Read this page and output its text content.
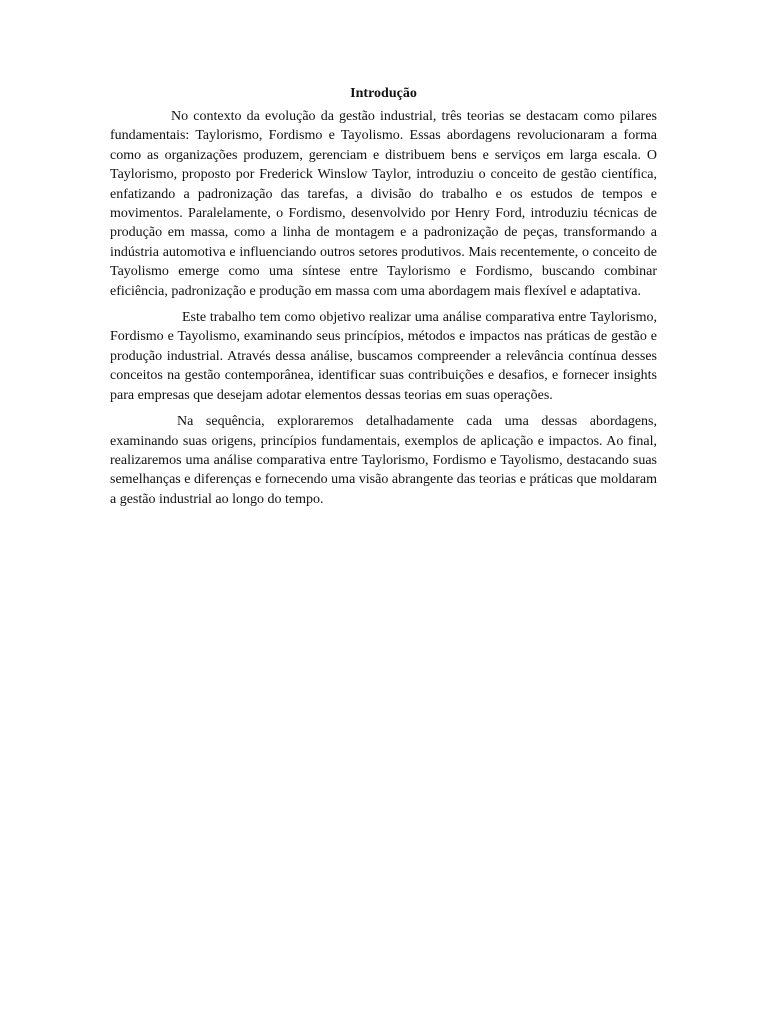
Introdução

No contexto da evolução da gestão industrial, três teorias se destacam como pilares fundamentais: Taylorismo, Fordismo e Tayolismo. Essas abordagens revolucionaram a forma como as organizações produzem, gerenciam e distribuem bens e serviços em larga escala. O Taylorismo, proposto por Frederick Winslow Taylor, introduziu o conceito de gestão científica, enfatizando a padronização das tarefas, a divisão do trabalho e os estudos de tempos e movimentos. Paralelamente, o Fordismo, desenvolvido por Henry Ford, introduziu técnicas de produção em massa, como a linha de montagem e a padronização de peças, transformando a indústria automotiva e influenciando outros setores produtivos. Mais recentemente, o conceito de Tayolismo emerge como uma síntese entre Taylorismo e Fordismo, buscando combinar eficiência, padronização e produção em massa com uma abordagem mais flexível e adaptativa.

Este trabalho tem como objetivo realizar uma análise comparativa entre Taylorismo, Fordismo e Tayolismo, examinando seus princípios, métodos e impactos nas práticas de gestão e produção industrial. Através dessa análise, buscamos compreender a relevância contínua desses conceitos na gestão contemporânea, identificar suas contribuições e desafios, e fornecer insights para empresas que desejam adotar elementos dessas teorias em suas operações.

Na sequência, exploraremos detalhadamente cada uma dessas abordagens, examinando suas origens, princípios fundamentais, exemplos de aplicação e impactos. Ao final, realizaremos uma análise comparativa entre Taylorismo, Fordismo e Tayolismo, destacando suas semelhanças e diferenças e fornecendo uma visão abrangente das teorias e práticas que moldaram a gestão industrial ao longo do tempo.
